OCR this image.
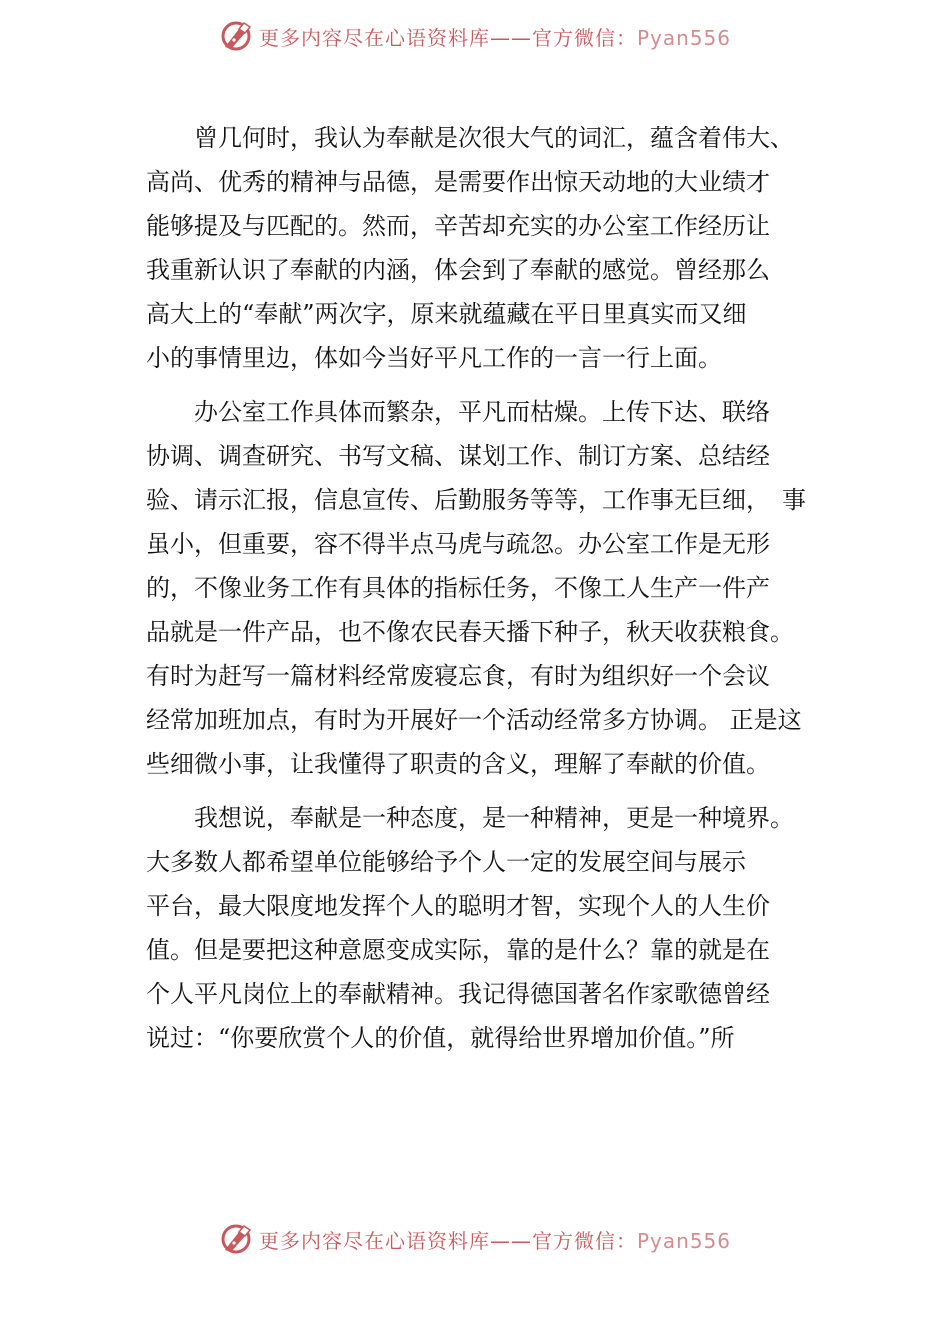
更多内容尽在心语资料库——官方微信：Pyan556

　　曾几何时，我认为奉献是次很大气的词汇，蕴含着伟大、
高尚、优秀的精神与品德，是需要作出惊天动地的大业绩才
能够提及与匹配的。然而，辛苦却充实的办公室工作经历让
我重新认识了奉献的内涵，体会到了奉献的感觉。曾经那么
高大上的“奉献”两次字，原来就蕴藏在平日里真实而又细
小的事情里边，体如今当好平凡工作的一言一行上面。

　　办公室工作具体而繁杂，平凡而枯燥。上传下达、联络
协调、调查研究、书写文稿、谋划工作、制订方案、总结经
验、请示汇报，信息宣传、后勤服务等等，工作事无巨细，　事
虽小，但重要，容不得半点马虎与疏忽。办公室工作是无形
的，不像业务工作有具体的指标任务，不像工人生产一件产
品就是一件产品，也不像农民春天播下种子，秋天收获粮食。
有时为赶写一篇材料经常废寝忘食，有时为组织好一个会议
经常加班加点，有时为开展好一个活动经常多方协调。 正是这
些细微小事，让我懂得了职责的含义，理解了奉献的价值。

　　我想说，奉献是一种态度，是一种精神，更是一种境界。
大多数人都希望单位能够给予个人一定的发展空间与展示
平台，最大限度地发挥个人的聪明才智，实现个人的人生价
值。但是要把这种意愿变成实际，靠的是什么？靠的就是在
个人平凡岗位上的奉献精神。我记得德国著名作家歌德曾经
说过：“你要欣赏个人的价值，就得给世界增加价值。”所

更多内容尽在心语资料库——官方微信：Pyan556
